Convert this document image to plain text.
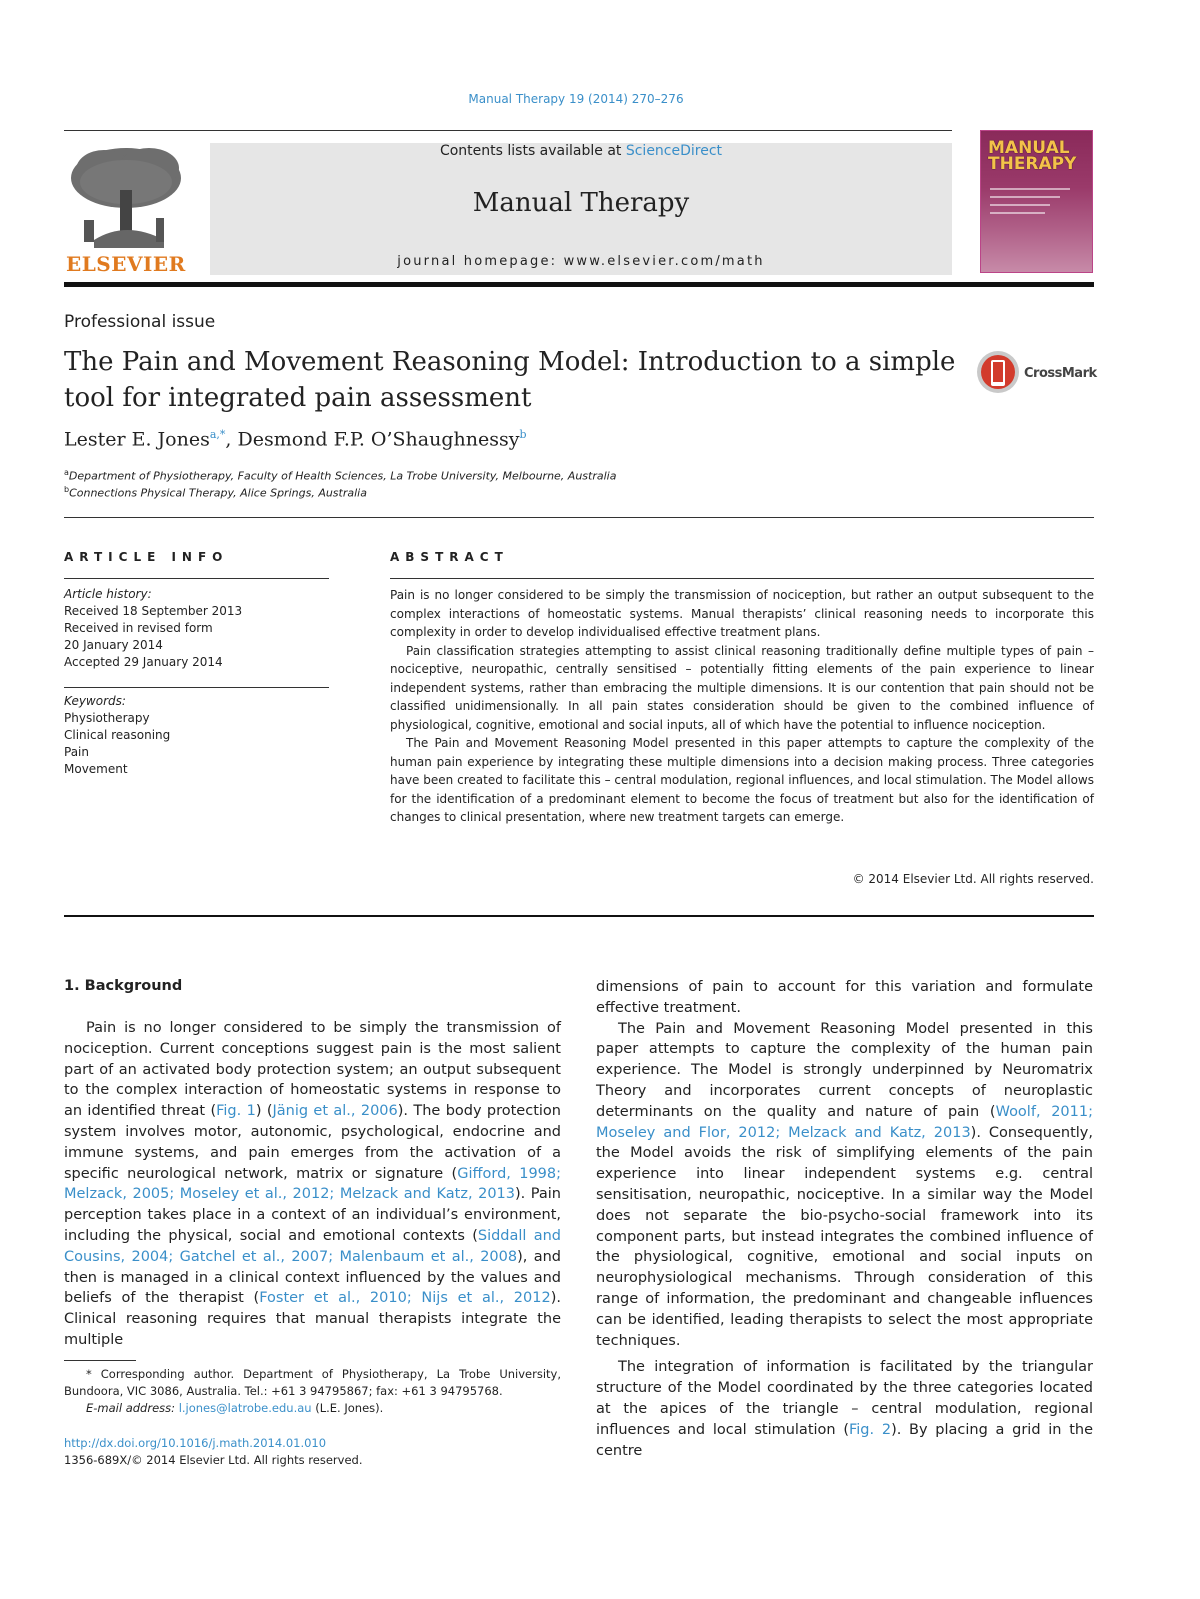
Manual Therapy 19 (2014) 270–276
ELSEVIER
Contents lists available at ScienceDirect
Manual Therapy
journal homepage: www.elsevier.com/math
MANUAL
THERAPY
Professional issue
The Pain and Movement Reasoning Model: Introduction to a simple tool for integrated pain assessment
CrossMark
Lester E. Jones$^{a,*}$, Desmond F.P. O’Shaughnessy$^b$
$^a$Department of Physiotherapy, Faculty of Health Sciences, La Trobe University, Melbourne, Australia
$^b$Connections Physical Therapy, Alice Springs, Australia
ARTICLE INFO
Article history:
Received 18 September 2013
Received in revised form
20 January 2014
Accepted 29 January 2014
Keywords:
Physiotherapy
Clinical reasoning
Pain
Movement
ABSTRACT

Pain is no longer considered to be simply the transmission of nociception, but rather an output subsequent to the complex interactions of homeostatic systems. Manual therapists’ clinical reasoning needs to incorporate this complexity in order to develop individualised effective treatment plans.

Pain classification strategies attempting to assist clinical reasoning traditionally define multiple types of pain – nociceptive, neuropathic, centrally sensitised – potentially fitting elements of the pain experience to linear independent systems, rather than embracing the multiple dimensions. It is our contention that pain should not be classified unidimensionally. In all pain states consideration should be given to the combined influence of physiological, cognitive, emotional and social inputs, all of which have the potential to influence nociception.

The Pain and Movement Reasoning Model presented in this paper attempts to capture the complexity of the human pain experience by integrating these multiple dimensions into a decision making process. Three categories have been created to facilitate this – central modulation, regional influences, and local stimulation. The Model allows for the identification of a predominant element to become the focus of treatment but also for the identification of changes to clinical presentation, where new treatment targets can emerge.

© 2014 Elsevier Ltd. All rights reserved.
1. Background

Pain is no longer considered to be simply the transmission of nociception. Current conceptions suggest pain is the most salient part of an activated body protection system; an output subsequent to the complex interaction of homeostatic systems in response to an identified threat (Fig. 1) (Jänig et al., 2006). The body protection system involves motor, autonomic, psychological, endocrine and immune systems, and pain emerges from the activation of a specific neurological network, matrix or signature (Gifford, 1998; Melzack, 2005; Moseley et al., 2012; Melzack and Katz, 2013). Pain perception takes place in a context of an individual’s environment, including the physical, social and emotional contexts (Siddall and Cousins, 2004; Gatchel et al., 2007; Malenbaum et al., 2008), and then is managed in a clinical context influenced by the values and beliefs of the therapist (Foster et al., 2010; Nijs et al., 2012). Clinical reasoning requires that manual therapists integrate the multiple

dimensions of pain to account for this variation and formulate effective treatment.

The Pain and Movement Reasoning Model presented in this paper attempts to capture the complexity of the human pain experience. The Model is strongly underpinned by Neuromatrix Theory and incorporates current concepts of neuroplastic determinants on the quality and nature of pain (Woolf, 2011; Moseley and Flor, 2012; Melzack and Katz, 2013). Consequently, the Model avoids the risk of simplifying elements of the pain experience into linear independent systems e.g. central sensitisation, neuropathic, nociceptive. In a similar way the Model does not separate the bio-psycho-social framework into its component parts, but instead integrates the combined influence of the physiological, cognitive, emotional and social inputs on neurophysiological mechanisms. Through consideration of this range of information, the predominant and changeable influences can be identified, leading therapists to select the most appropriate techniques.

The integration of information is facilitated by the triangular structure of the Model coordinated by the three categories located at the apices of the triangle – central modulation, regional influences and local stimulation (Fig. 2). By placing a grid in the centre

* Corresponding author. Department of Physiotherapy, La Trobe University, Bundoora, VIC 3086, Australia. Tel.: +61 3 94795867; fax: +61 3 94795768.

E-mail address: l.jones@latrobe.edu.au (L.E. Jones).

http://dx.doi.org/10.1016/j.math.2014.01.010
1356-689X/© 2014 Elsevier Ltd. All rights reserved.
